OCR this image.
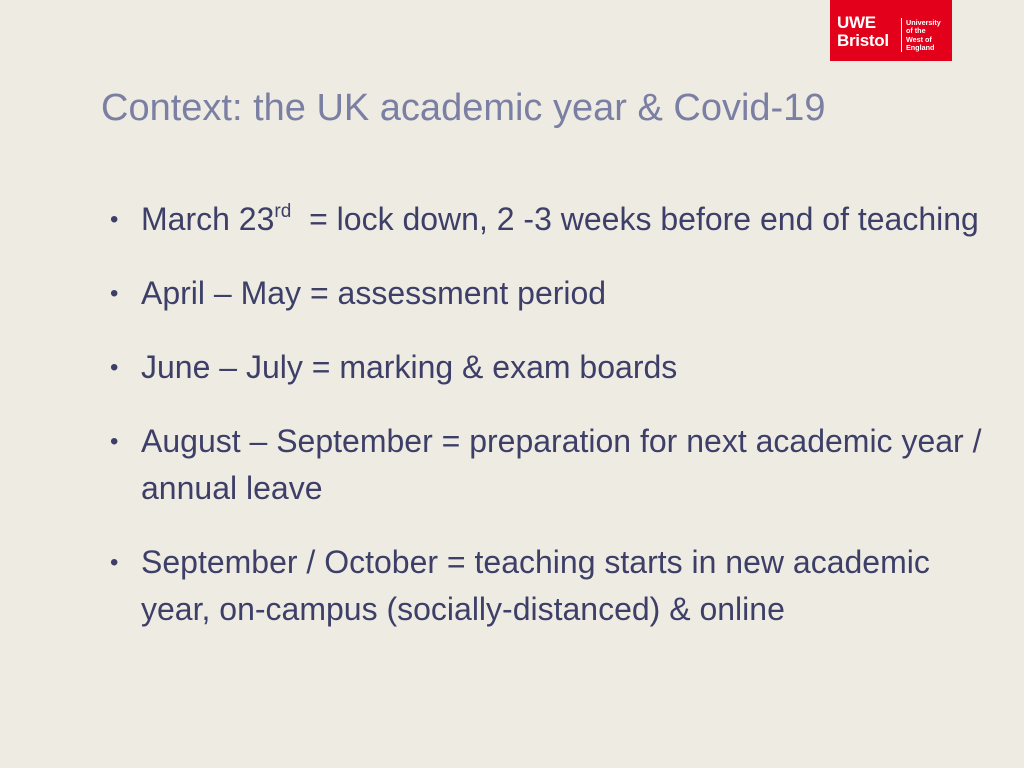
UWE
Bristol
University
of the
West of
England
Context: the UK academic year & Covid-19
• March 23rd  = lock down, 2 -3 weeks before end of teaching
• April – May = assessment period
• June – July = marking & exam boards
• August – September = preparation for next academic year / annual leave
• September / October = teaching starts in new academic year, on-campus (socially-distanced) & online
